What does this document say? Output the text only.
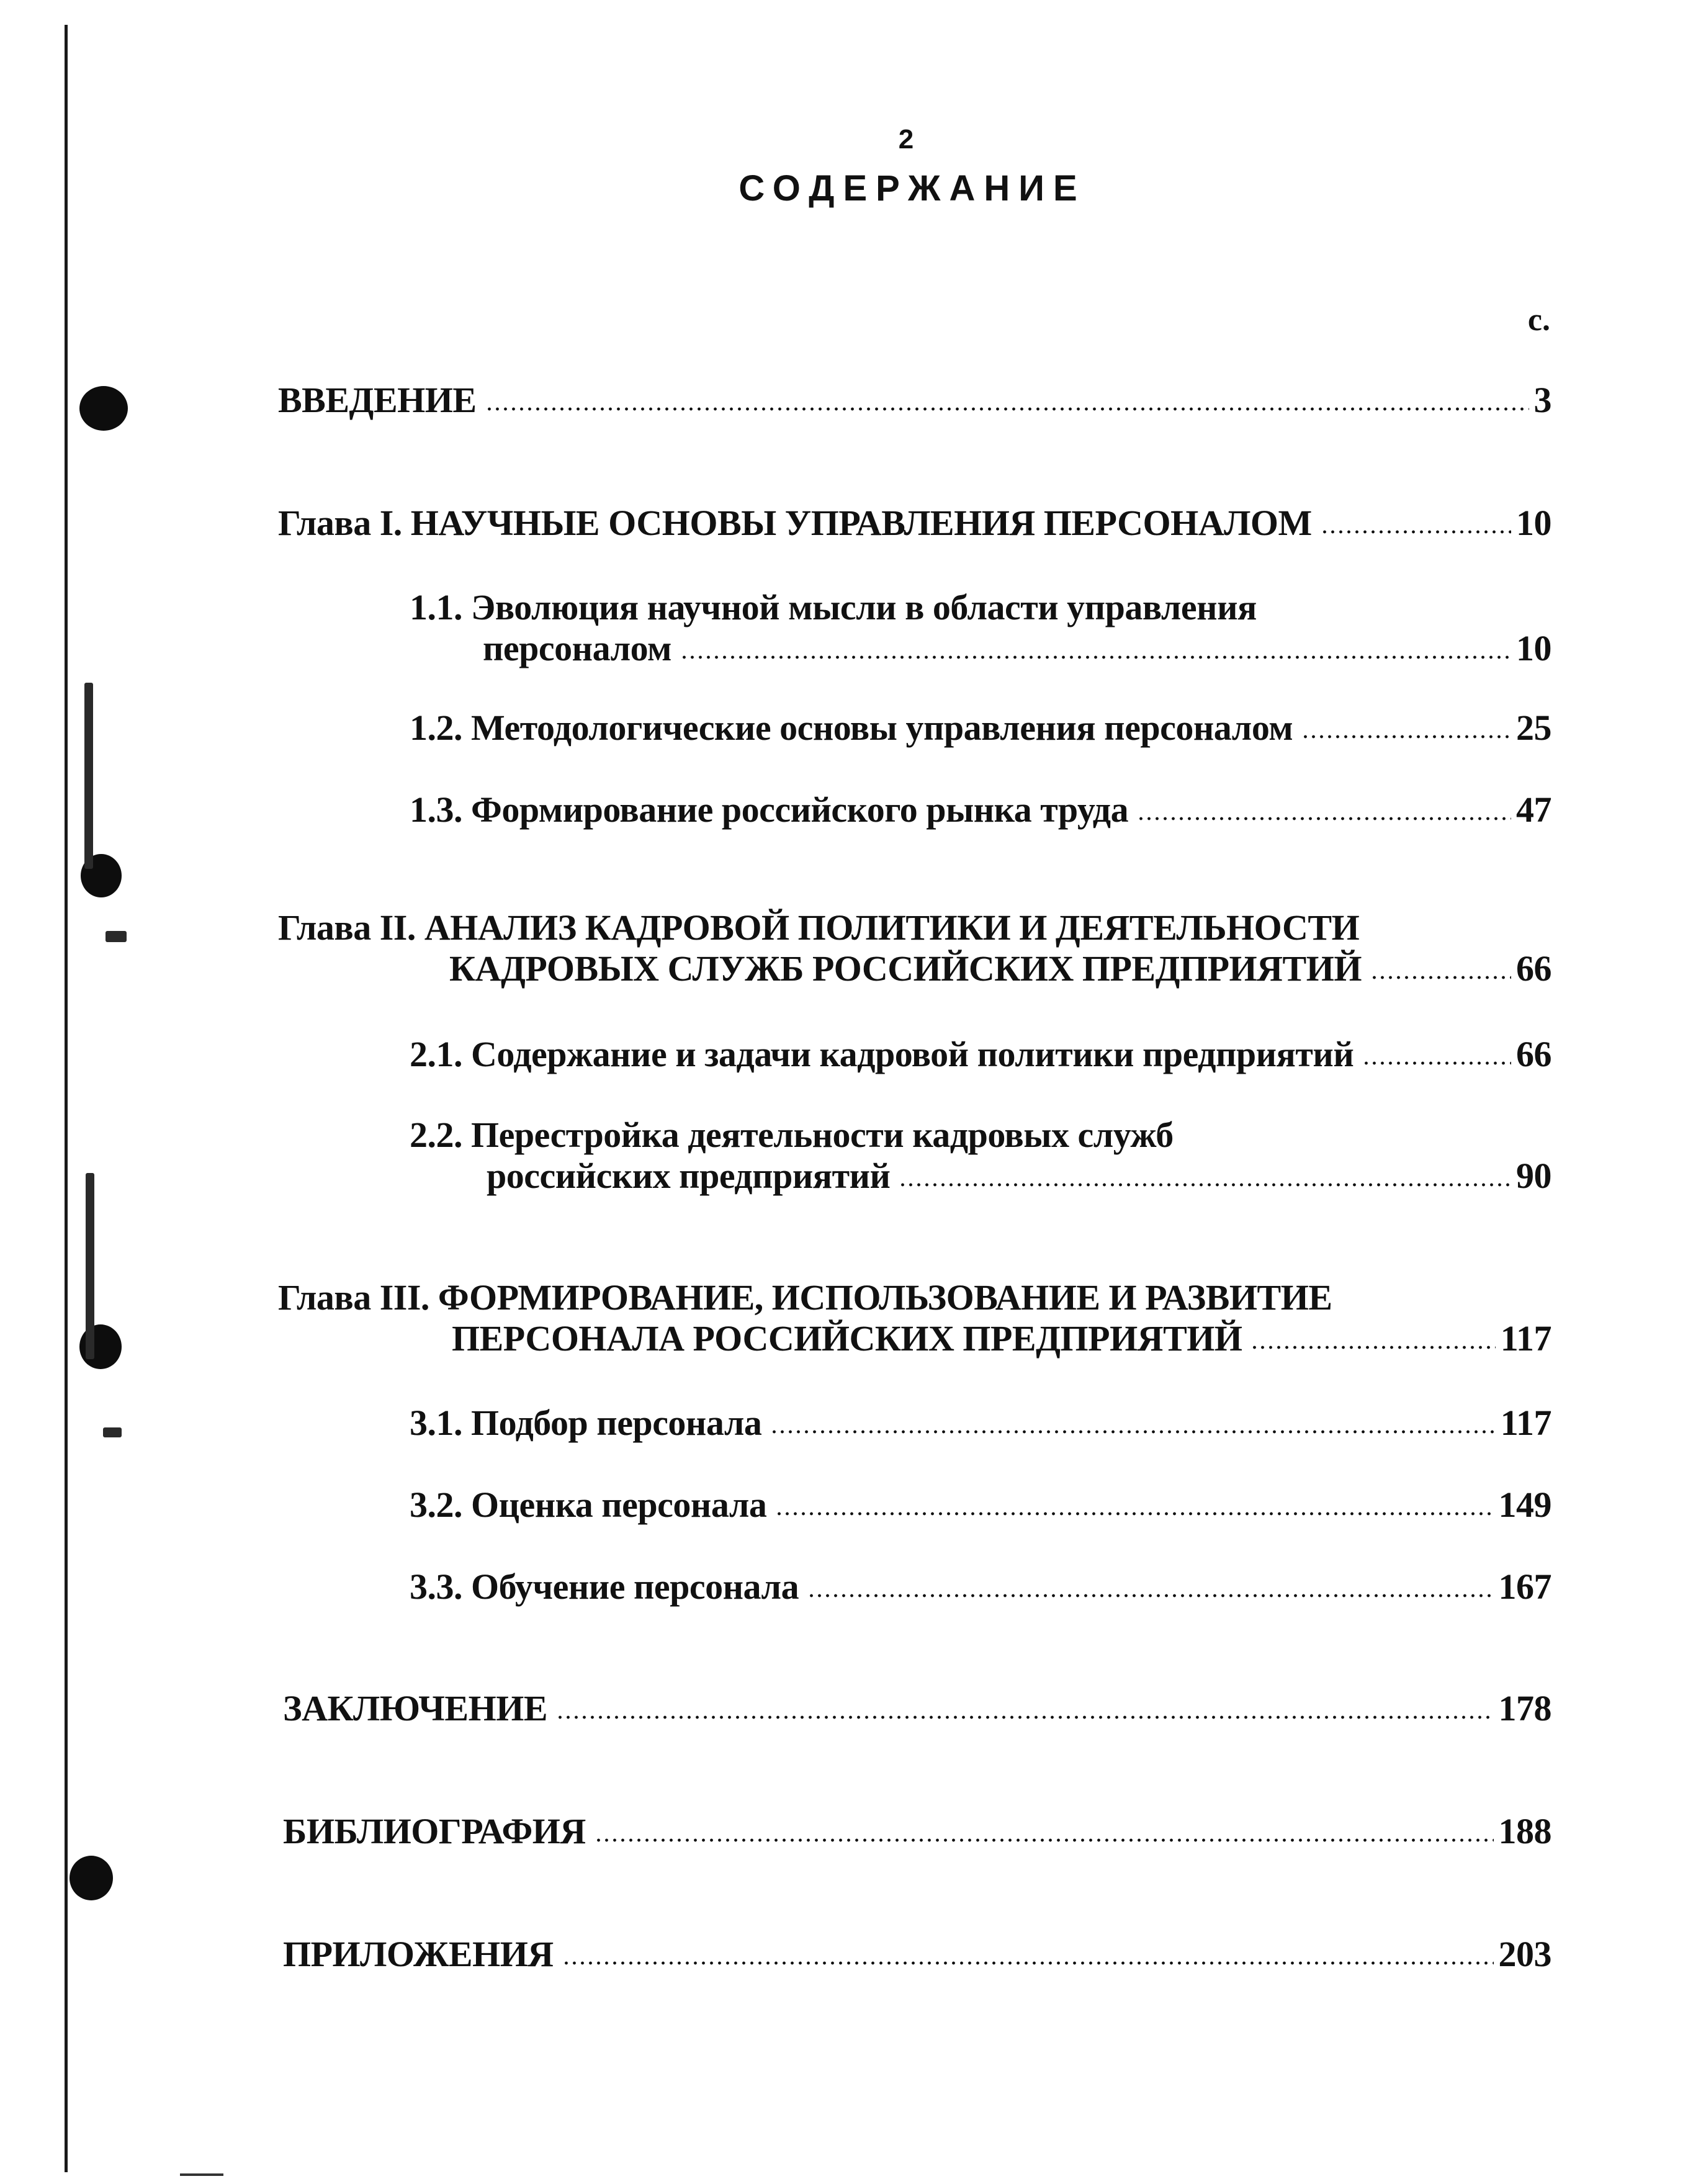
2
СОДЕРЖАНИЕ
с.
ВВЕДЕНИЕ	3
Глава I. НАУЧНЫЕ ОСНОВЫ УПРАВЛЕНИЯ ПЕРСОНАЛОМ	10
1.1. Эволюция научной мысли в области управления
персоналом	10
1.2. Методологические основы управления персоналом	25
1.3. Формирование российского рынка труда	47
Глава II. АНАЛИЗ КАДРОВОЙ ПОЛИТИКИ И ДЕЯТЕЛЬНОСТИ
КАДРОВЫХ СЛУЖБ РОССИЙСКИХ ПРЕДПРИЯТИЙ	66
2.1. Содержание и задачи кадровой политики предприятий	66
2.2. Перестройка деятельности кадровых служб
российских предприятий	90
Глава III. ФОРМИРОВАНИЕ, ИСПОЛЬЗОВАНИЕ И РАЗВИТИЕ
ПЕРСОНАЛА РОССИЙСКИХ ПРЕДПРИЯТИЙ	117
3.1. Подбор персонала	117
3.2. Оценка персонала	149
3.3. Обучение персонала	167
ЗАКЛЮЧЕНИЕ	178
БИБЛИОГРАФИЯ	188
ПРИЛОЖЕНИЯ	203
